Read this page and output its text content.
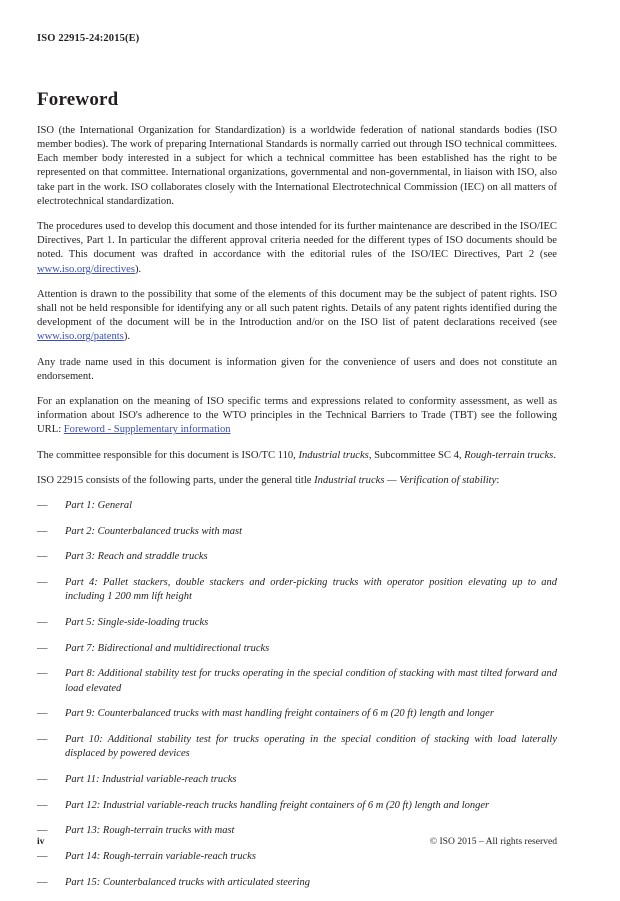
ISO 22915-24:2015(E)
Foreword

ISO (the International Organization for Standardization) is a worldwide federation of national standards bodies (ISO member bodies). The work of preparing International Standards is normally carried out through ISO technical committees. Each member body interested in a subject for which a technical committee has been established has the right to be represented on that committee. International organizations, governmental and non-governmental, in liaison with ISO, also take part in the work. ISO collaborates closely with the International Electrotechnical Commission (IEC) on all matters of electrotechnical standardization.

The procedures used to develop this document and those intended for its further maintenance are described in the ISO/IEC Directives, Part 1. In particular the different approval criteria needed for the different types of ISO documents should be noted. This document was drafted in accordance with the editorial rules of the ISO/IEC Directives, Part 2 (see www.iso.org/directives).

Attention is drawn to the possibility that some of the elements of this document may be the subject of patent rights. ISO shall not be held responsible for identifying any or all such patent rights. Details of any patent rights identified during the development of the document will be in the Introduction and/or on the ISO list of patent declarations received (see www.iso.org/patents).

Any trade name used in this document is information given for the convenience of users and does not constitute an endorsement.

For an explanation on the meaning of ISO specific terms and expressions related to conformity assessment, as well as information about ISO's adherence to the WTO principles in the Technical Barriers to Trade (TBT) see the following URL: Foreword - Supplementary information

The committee responsible for this document is ISO/TC 110, Industrial trucks, Subcommittee SC 4, Rough-terrain trucks.

ISO 22915 consists of the following parts, under the general title Industrial trucks — Verification of stability:

— Part 1: General
— Part 2: Counterbalanced trucks with mast
— Part 3: Reach and straddle trucks
— Part 4: Pallet stackers, double stackers and order-picking trucks with operator position elevating up to and including 1 200 mm lift height
— Part 5: Single-side-loading trucks
— Part 7: Bidirectional and multidirectional trucks
— Part 8: Additional stability test for trucks operating in the special condition of stacking with mast tilted forward and load elevated
— Part 9: Counterbalanced trucks with mast handling freight containers of 6 m (20 ft) length and longer
— Part 10: Additional stability test for trucks operating in the special condition of stacking with load laterally displaced by powered devices
— Part 11: Industrial variable-reach trucks
— Part 12: Industrial variable-reach trucks handling freight containers of 6 m (20 ft) length and longer
— Part 13: Rough-terrain trucks with mast
— Part 14: Rough-terrain variable-reach trucks
— Part 15: Counterbalanced trucks with articulated steering
iv	© ISO 2015 – All rights reserved
